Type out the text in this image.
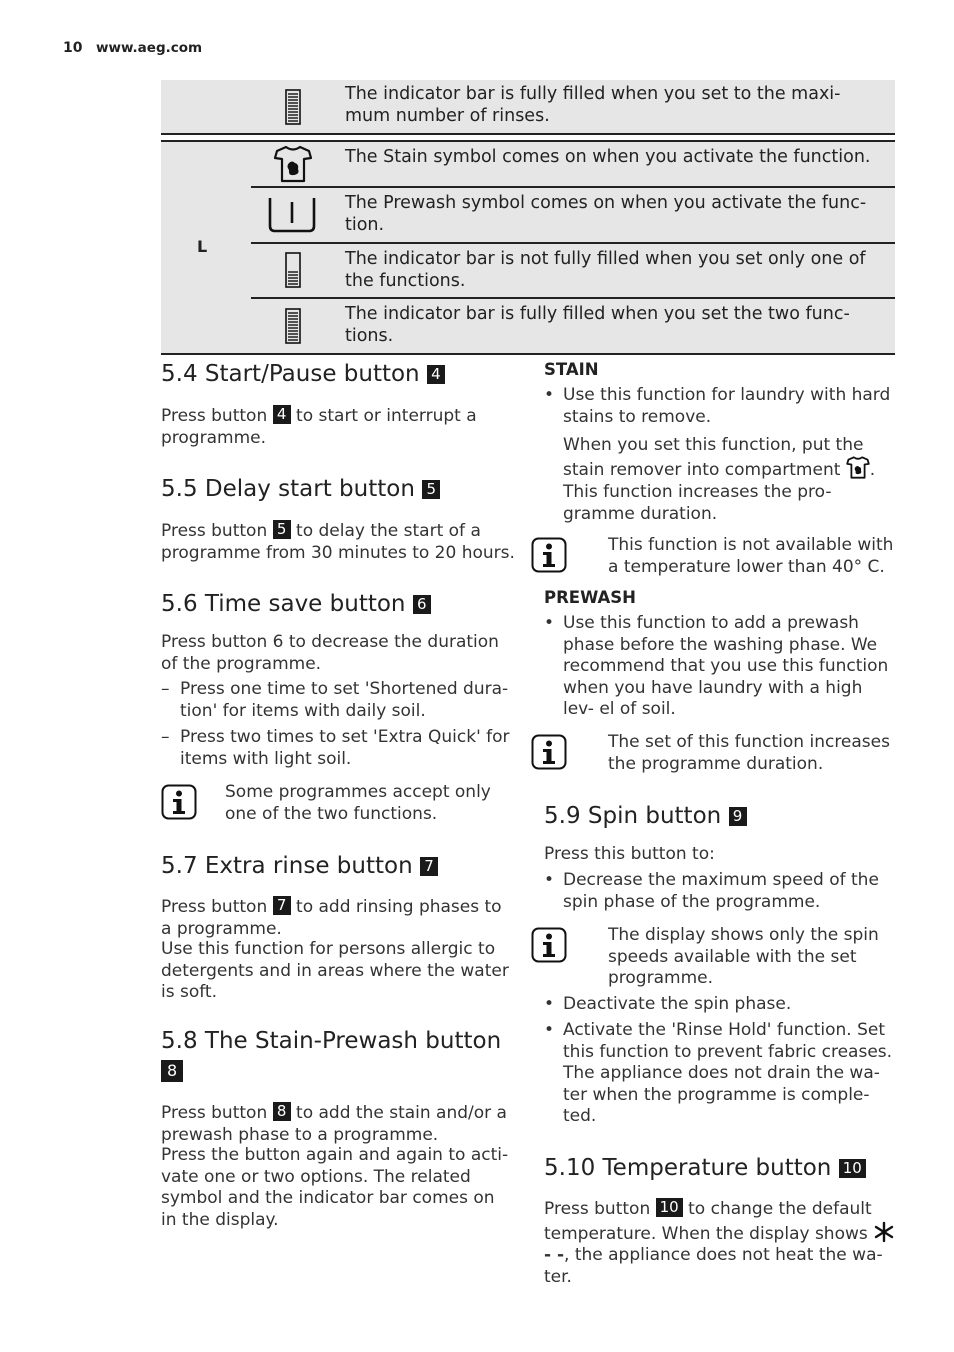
10 www.aeg.com
The indicator bar is fully filled when you set to the maxi- mum number of rinses.
L
The Stain symbol comes on when you activate the function.
The Prewash symbol comes on when you activate the func- tion.
The indicator bar is not fully filled when you set only one of the functions.
The indicator bar is fully filled when you set the two func- tions.
5.4 Start/Pause button 4
Press button 4 to start or interrupt a programme.
5.5 Delay start button 5
Press button 5 to delay the start of a programme from 30 minutes to 20 hours.
5.6 Time save button 6
Press button 6 to decrease the duration of the programme.
– Press one time to set 'Shortened dura- tion' for items with daily soil.
– Press two times to set 'Extra Quick' for items with light soil.
Some programmes accept only one of the two functions.
5.7 Extra rinse button 7
Press button 7 to add rinsing phases to a programme.
Use this function for persons allergic to detergents and in areas where the water is soft.
5.8 The Stain-Prewash button
8
Press button 8 to add the stain and/or a prewash phase to a programme.
Press the button again and again to acti- vate one or two options. The related symbol and the indicator bar comes on in the display.
STAIN
• Use this function for laundry with hard stains to remove.
When you set this function, put the stain remover into compartment . This function increases the pro- gramme duration.
This function is not available with a temperature lower than 40° C.
PREWASH
• Use this function to add a prewash phase before the washing phase. We recommend that you use this function when you have laundry with a high lev- el of soil.
The set of this function increases the programme duration.
5.9 Spin button 9
Press this button to:
• Decrease the maximum speed of the spin phase of the programme.
The display shows only the spin speeds available with the set programme.
• Deactivate the spin phase.
• Activate the 'Rinse Hold' function. Set this function to prevent fabric creases. The appliance does not drain the wa- ter when the programme is comple- ted.
5.10 Temperature button 10
Press button 10 to change the default temperature. When the display shows
- -, the appliance does not heat the wa- ter.
